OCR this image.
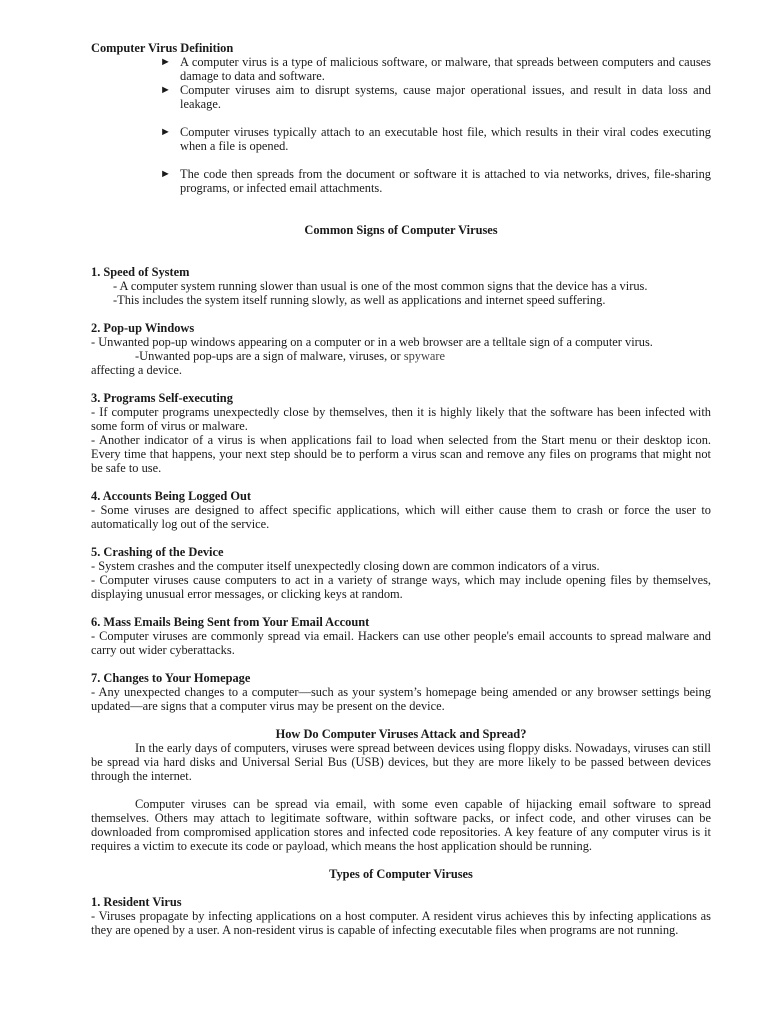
Computer Virus Definition

► A computer virus is a type of malicious software, or malware, that spreads between computers and causes damage to data and software.
► Computer viruses aim to disrupt systems, cause major operational issues, and result in data loss and leakage.
► Computer viruses typically attach to an executable host file, which results in their viral codes executing when a file is opened.
► The code then spreads from the document or software it is attached to via networks, drives, file-sharing programs, or infected email attachments.

Common Signs of Computer Viruses

1. Speed of System

- A computer system running slower than usual is one of the most common signs that the device has a virus.

-This includes the system itself running slowly, as well as applications and internet speed suffering.

2. Pop-up Windows

- Unwanted pop-up windows appearing on a computer or in a web browser are a telltale sign of a computer virus.

-Unwanted pop-ups are a sign of malware, viruses, or spyware

affecting a device.

3. Programs Self-executing

- If computer programs unexpectedly close by themselves, then it is highly likely that the software has been infected with some form of virus or malware.

- Another indicator of a virus is when applications fail to load when selected from the Start menu or their desktop icon. Every time that happens, your next step should be to perform a virus scan and remove any files on programs that might not be safe to use.

4. Accounts Being Logged Out

- Some viruses are designed to affect specific applications, which will either cause them to crash or force the user to automatically log out of the service.

5. Crashing of the Device

- System crashes and the computer itself unexpectedly closing down are common indicators of a virus.

- Computer viruses cause computers to act in a variety of strange ways, which may include opening files by themselves, displaying unusual error messages, or clicking keys at random.

6. Mass Emails Being Sent from Your Email Account

- Computer viruses are commonly spread via email. Hackers can use other people's email accounts to spread malware and carry out wider cyberattacks.

7. Changes to Your Homepage

- Any unexpected changes to a computer—such as your system’s homepage being amended or any browser settings being updated—are signs that a computer virus may be present on the device.

How Do Computer Viruses Attack and Spread?

In the early days of computers, viruses were spread between devices using floppy disks. Nowadays, viruses can still be spread via hard disks and Universal Serial Bus (USB) devices, but they are more likely to be passed between devices through the internet.

Computer viruses can be spread via email, with some even capable of hijacking email software to spread themselves. Others may attach to legitimate software, within software packs, or infect code, and other viruses can be downloaded from compromised application stores and infected code repositories. A key feature of any computer virus is it requires a victim to execute its code or payload, which means the host application should be running.

Types of Computer Viruses

1. Resident Virus

- Viruses propagate by infecting applications on a host computer. A resident virus achieves this by infecting applications as they are opened by a user. A non-resident virus is capable of infecting executable files when programs are not running.
